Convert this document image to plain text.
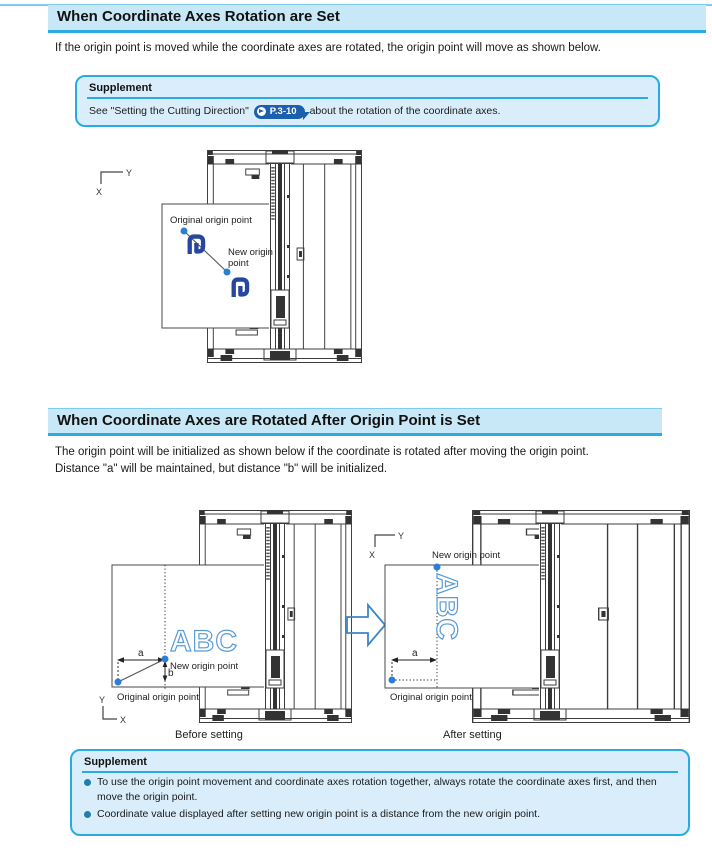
When Coordinate Axes Rotation are Set
If the origin point is moved while the coordinate axes are rotated, the origin point will move as shown below.
Supplement
See "Setting the Cutting Direction" P.3-10 about the rotation of the coordinate axes.
Y
X
Original origin point
New origin
point
When Coordinate Axes are Rotated After Origin Point is Set
The origin point will be initialized as shown below if the coordinate is rotated after moving the origin point.
Distance "a" will be maintained, but distance "b" will be initialized.
ABC
a
b
New origin point
Original origin point
Y
X
Before setting
Y
X	New origin point
ABC
a
Original origin point
After setting
Supplement
To use the origin point movement and coordinate axes rotation together, always rotate the coordinate axes first, and then move the origin point.
Coordinate value displayed after setting new origin point is a distance from the new origin point.
